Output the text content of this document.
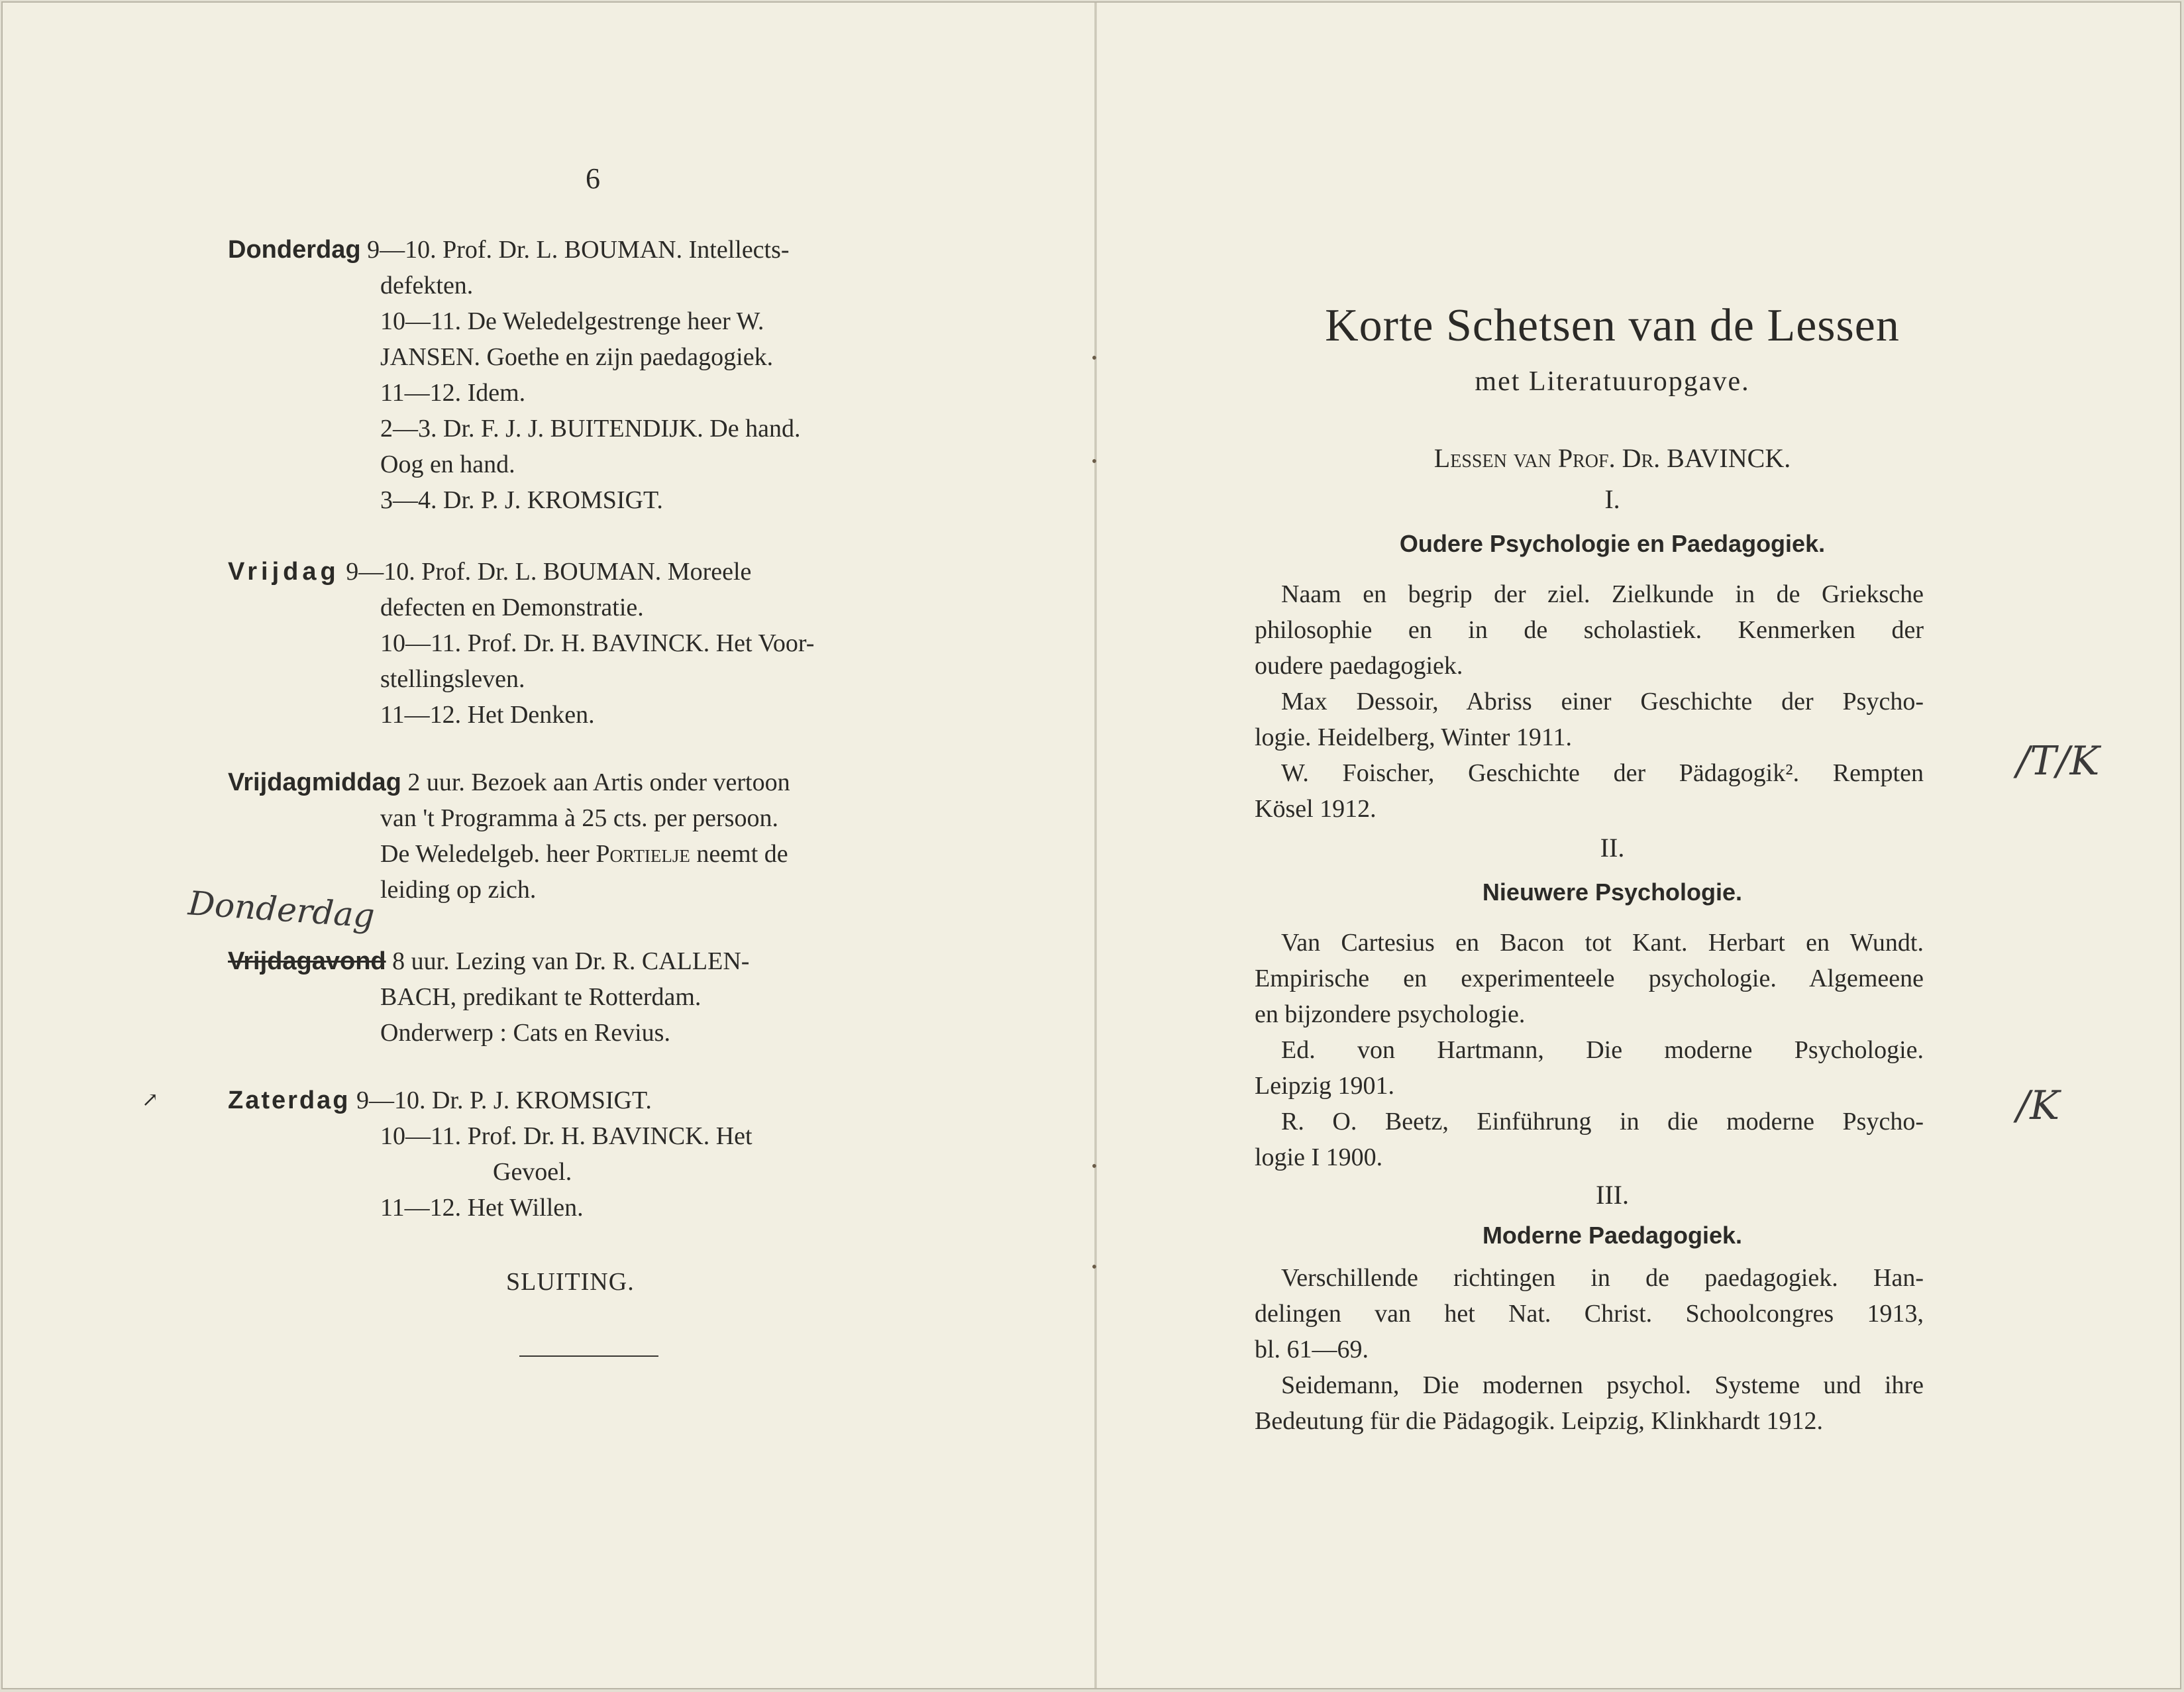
•
•
•
•
6
Donderdag 9—10. Prof. Dr. L. BOUMAN. Intellects-
defekten.
10—11. De Weledelgestrenge heer W.
JANSEN. Goethe en zijn paedagogiek.
11—12. Idem.
2—3. Dr. F. J. J. BUITENDIJK. De hand.
Oog en hand.
3—4. Dr. P. J. KROMSIGT.
Vrijdag 9—10. Prof. Dr. L. BOUMAN. Moreele
defecten en Demonstratie.
10—11. Prof. Dr. H. BAVINCK. Het Voor-
stellingsleven.
11—12. Het Denken.
Vrijdagmiddag 2 uur. Bezoek aan Artis onder vertoon
van 't Programma à 25 cts. per persoon.
De Weledelgeb. heer Portielje neemt de
leiding op zich.
Donderdag
Vrijdagavond 8 uur. Lezing van Dr. R. CALLEN-
BACH, predikant te Rotterdam.
Onderwerp : Cats en Revius.
↗	Zaterdag 9—10. Dr. P. J. KROMSIGT.
10—11. Prof. Dr. H. BAVINCK. Het
Gevoel.
11—12. Het Willen.
SLUITING.
Korte Schetsen van de Lessen
met Literatuuropgave.
Lessen van Prof. Dr. BAVINCK.
I.
Oudere Psychologie en Paedagogiek.
Naam en begrip der ziel. Zielkunde in de Grieksche
philosophie en in de scholastiek. Kenmerken der
oudere paedagogiek.
Max Dessoir, Abriss einer Geschichte der Psycho-
logie. Heidelberg, Winter 1911.
W. Foischer, Geschichte der Pädagogik². Rempten
Kösel 1912.
/T/K
II.
Nieuwere Psychologie.
Van Cartesius en Bacon tot Kant. Herbart en Wundt.
Empirische en experimenteele psychologie. Algemeene
en bijzondere psychologie.
Ed. von Hartmann, Die moderne Psychologie.
Leipzig 1901.
R. O. Beetz, Einführung in die moderne Psycho-
logie I 1900.
/K
III.
Moderne Paedagogiek.
Verschillende richtingen in de paedagogiek. Han-
delingen van het Nat. Christ. Schoolcongres 1913,
bl. 61—69.
Seidemann, Die modernen psychol. Systeme und ihre
Bedeutung für die Pädagogik. Leipzig, Klinkhardt 1912.
